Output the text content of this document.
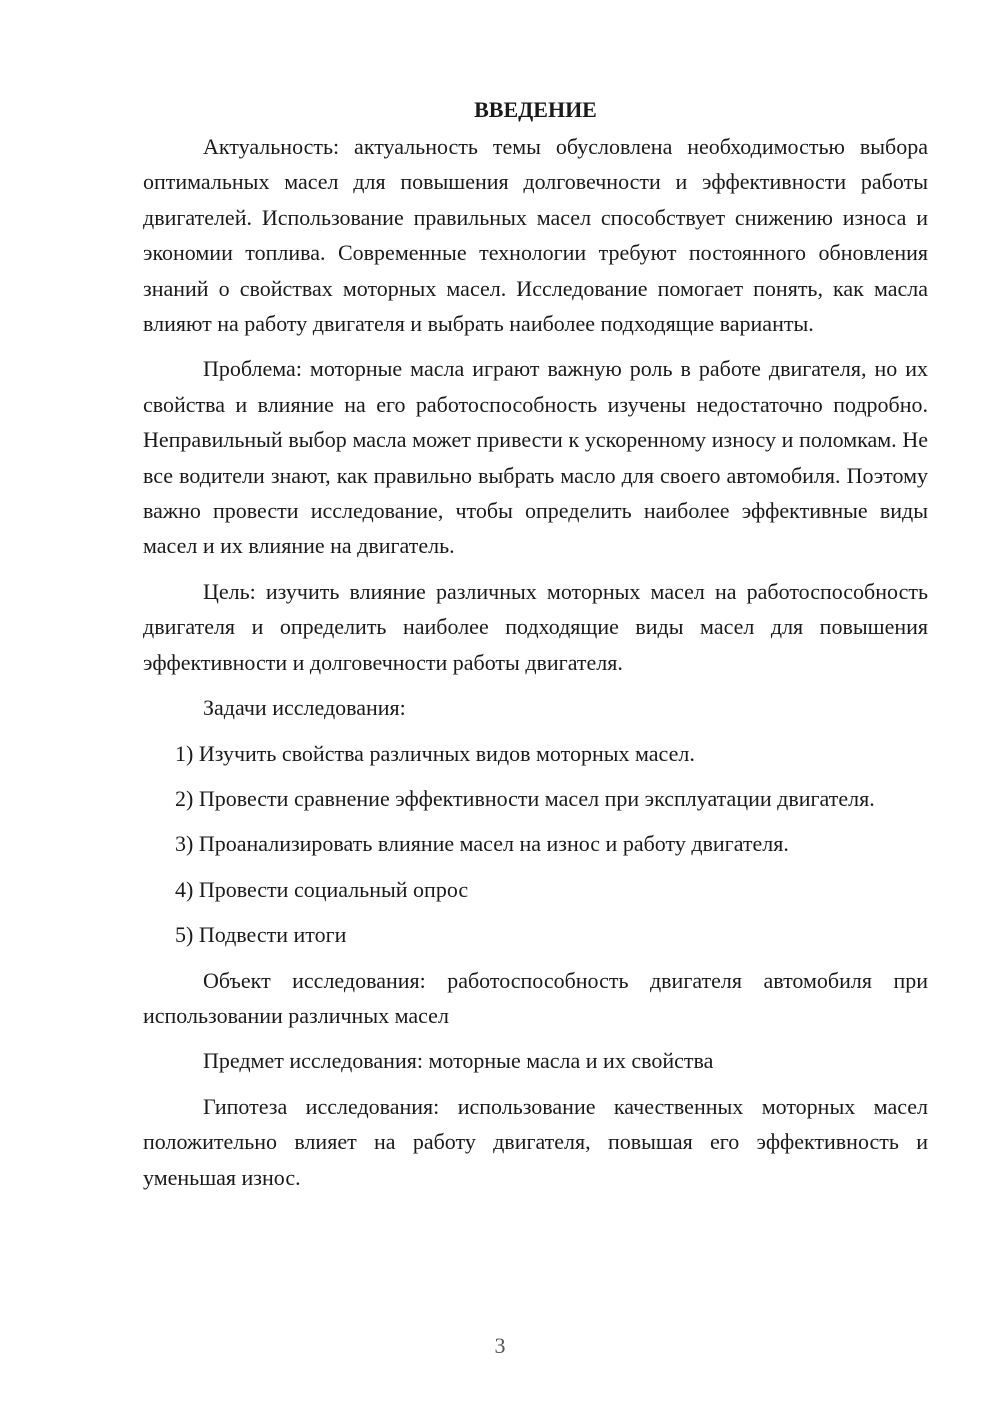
ВВЕДЕНИЕ

Актуальность: актуальность темы обусловлена необходимостью выбора оптимальных масел для повышения долговечности и эффективности работы двигателей. Использование правильных масел способствует снижению износа и экономии топлива. Современные технологии требуют постоянного обновления знаний о свойствах моторных масел. Исследование помогает понять, как масла влияют на работу двигателя и выбрать наиболее подходящие варианты.

Проблема: моторные масла играют важную роль в работе двигателя, но их свойства и влияние на его работоспособность изучены недостаточно подробно. Неправильный выбор масла может привести к ускоренному износу и поломкам. Не все водители знают, как правильно выбрать масло для своего автомобиля. Поэтому важно провести исследование, чтобы определить наиболее эффективные виды масел и их влияние на двигатель.

Цель: изучить влияние различных моторных масел на работоспособность двигателя и определить наиболее подходящие виды масел для повышения эффективности и долговечности работы двигателя.

Задачи исследования:

1) Изучить свойства различных видов моторных масел.

2) Провести сравнение эффективности масел при эксплуатации двигателя.

3) Проанализировать влияние масел на износ и работу двигателя.

4) Провести социальный опрос

5) Подвести итоги

Объект исследования: работоспособность двигателя автомобиля при использовании различных масел

Предмет исследования: моторные масла и их свойства

Гипотеза исследования: использование качественных моторных масел положительно влияет на работу двигателя, повышая его эффективность и уменьшая износ.

3
